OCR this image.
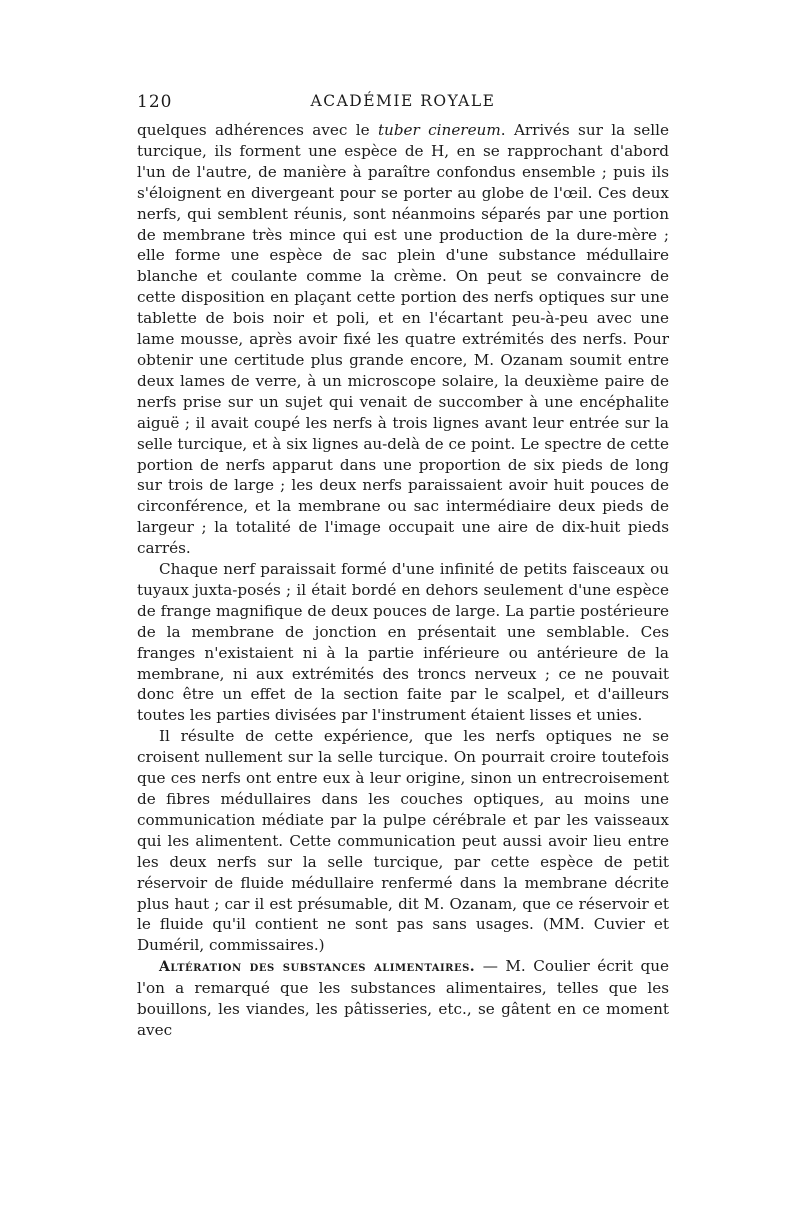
120	ACADÉMIE ROYALE

quelques adhérences avec le tuber cinereum. Arrivés sur la selle turcique, ils forment une espèce de H, en se rapprochant d'abord l'un de l'autre, de manière à paraître confondus ensemble ; puis ils s'éloignent en divergeant pour se porter au globe de l'œil. Ces deux nerfs, qui semblent réunis, sont néanmoins séparés par une portion de membrane très mince qui est une production de la dure-mère ; elle forme une espèce de sac plein d'une substance médullaire blanche et coulante comme la crème. On peut se convaincre de cette disposition en plaçant cette portion des nerfs optiques sur une tablette de bois noir et poli, et en l'écartant peu-à-peu avec une lame mousse, après avoir fixé les quatre extrémités des nerfs. Pour obtenir une certitude plus grande encore, M. Ozanam soumit entre deux lames de verre, à un microscope solaire, la deuxième paire de nerfs prise sur un sujet qui venait de succomber à une encéphalite aiguë ; il avait coupé les nerfs à trois lignes avant leur entrée sur la selle turcique, et à six lignes au-delà de ce point. Le spectre de cette portion de nerfs apparut dans une proportion de six pieds de long sur trois de large ; les deux nerfs paraissaient avoir huit pouces de circonférence, et la membrane ou sac intermédiaire deux pieds de largeur ; la totalité de l'image occupait une aire de dix-huit pieds carrés.

Chaque nerf paraissait formé d'une infinité de petits faisceaux ou tuyaux juxta-posés ; il était bordé en dehors seulement d'une espèce de frange magnifique de deux pouces de large. La partie postérieure de la membrane de jonction en présentait une semblable. Ces franges n'existaient ni à la partie inférieure ou antérieure de la membrane, ni aux extrémités des troncs nerveux ; ce ne pouvait donc être un effet de la section faite par le scalpel, et d'ailleurs toutes les parties divisées par l'instrument étaient lisses et unies.

Il résulte de cette expérience, que les nerfs optiques ne se croisent nullement sur la selle turcique. On pourrait croire toutefois que ces nerfs ont entre eux à leur origine, sinon un entrecroisement de fibres médullaires dans les couches optiques, au moins une communication médiate par la pulpe cérébrale et par les vaisseaux qui les alimentent. Cette communication peut aussi avoir lieu entre les deux nerfs sur la selle turcique, par cette espèce de petit réservoir de fluide médullaire renfermé dans la membrane décrite plus haut ; car il est présumable, dit M. Ozanam, que ce réservoir et le fluide qu'il contient ne sont pas sans usages. (MM. Cuvier et Duméril, commissaires.)

Altération des substances alimentaires. — M. Coulier écrit que l'on a remarqué que les substances alimentaires, telles que les bouillons, les viandes, les pâtisseries, etc., se gâtent en ce moment avec
